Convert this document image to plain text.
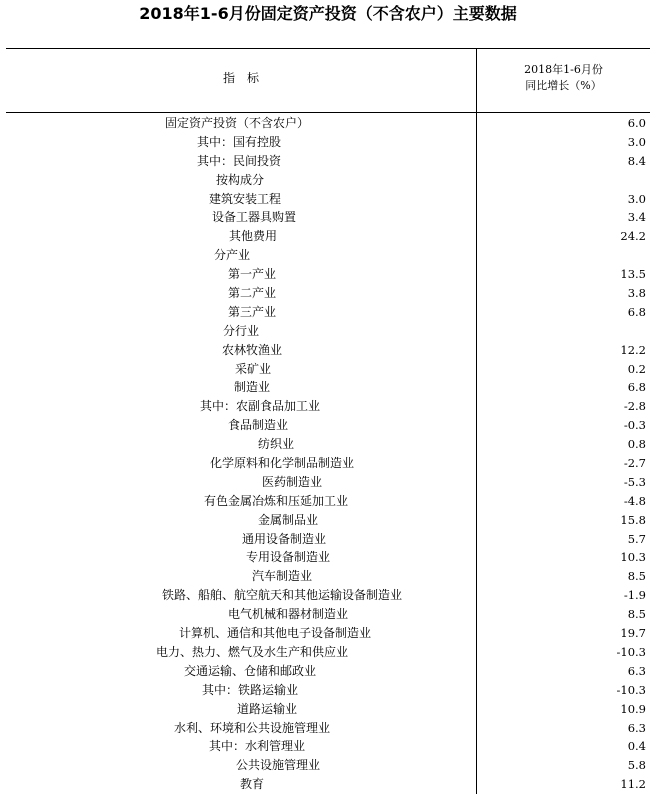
2018年1-6月份固定资产投资（不含农户）主要数据
指　标
2018年1-6月份
同比增长（%）
固定资产投资（不含农户）	6.0
其中：国有控股	3.0
其中：民间投资	8.4
按构成分
建筑安装工程	3.0
设备工器具购置	3.4
其他费用	24.2
分产业
第一产业	13.5
第二产业	3.8
第三产业	6.8
分行业
农林牧渔业	12.2
采矿业	0.2
制造业	6.8
其中：农副食品加工业	-2.8
食品制造业	-0.3
纺织业	0.8
化学原料和化学制品制造业	-2.7
医药制造业	-5.3
有色金属冶炼和压延加工业	-4.8
金属制品业	15.8
通用设备制造业	5.7
专用设备制造业	10.3
汽车制造业	8.5
铁路、船舶、航空航天和其他运输设备制造业	-1.9
电气机械和器材制造业	8.5
计算机、通信和其他电子设备制造业	19.7
电力、热力、燃气及水生产和供应业	-10.3
交通运输、仓储和邮政业	6.3
其中：铁路运输业	-10.3
道路运输业	10.9
水利、环境和公共设施管理业	6.3
其中：水利管理业	0.4
公共设施管理业	5.8
教育	11.2
